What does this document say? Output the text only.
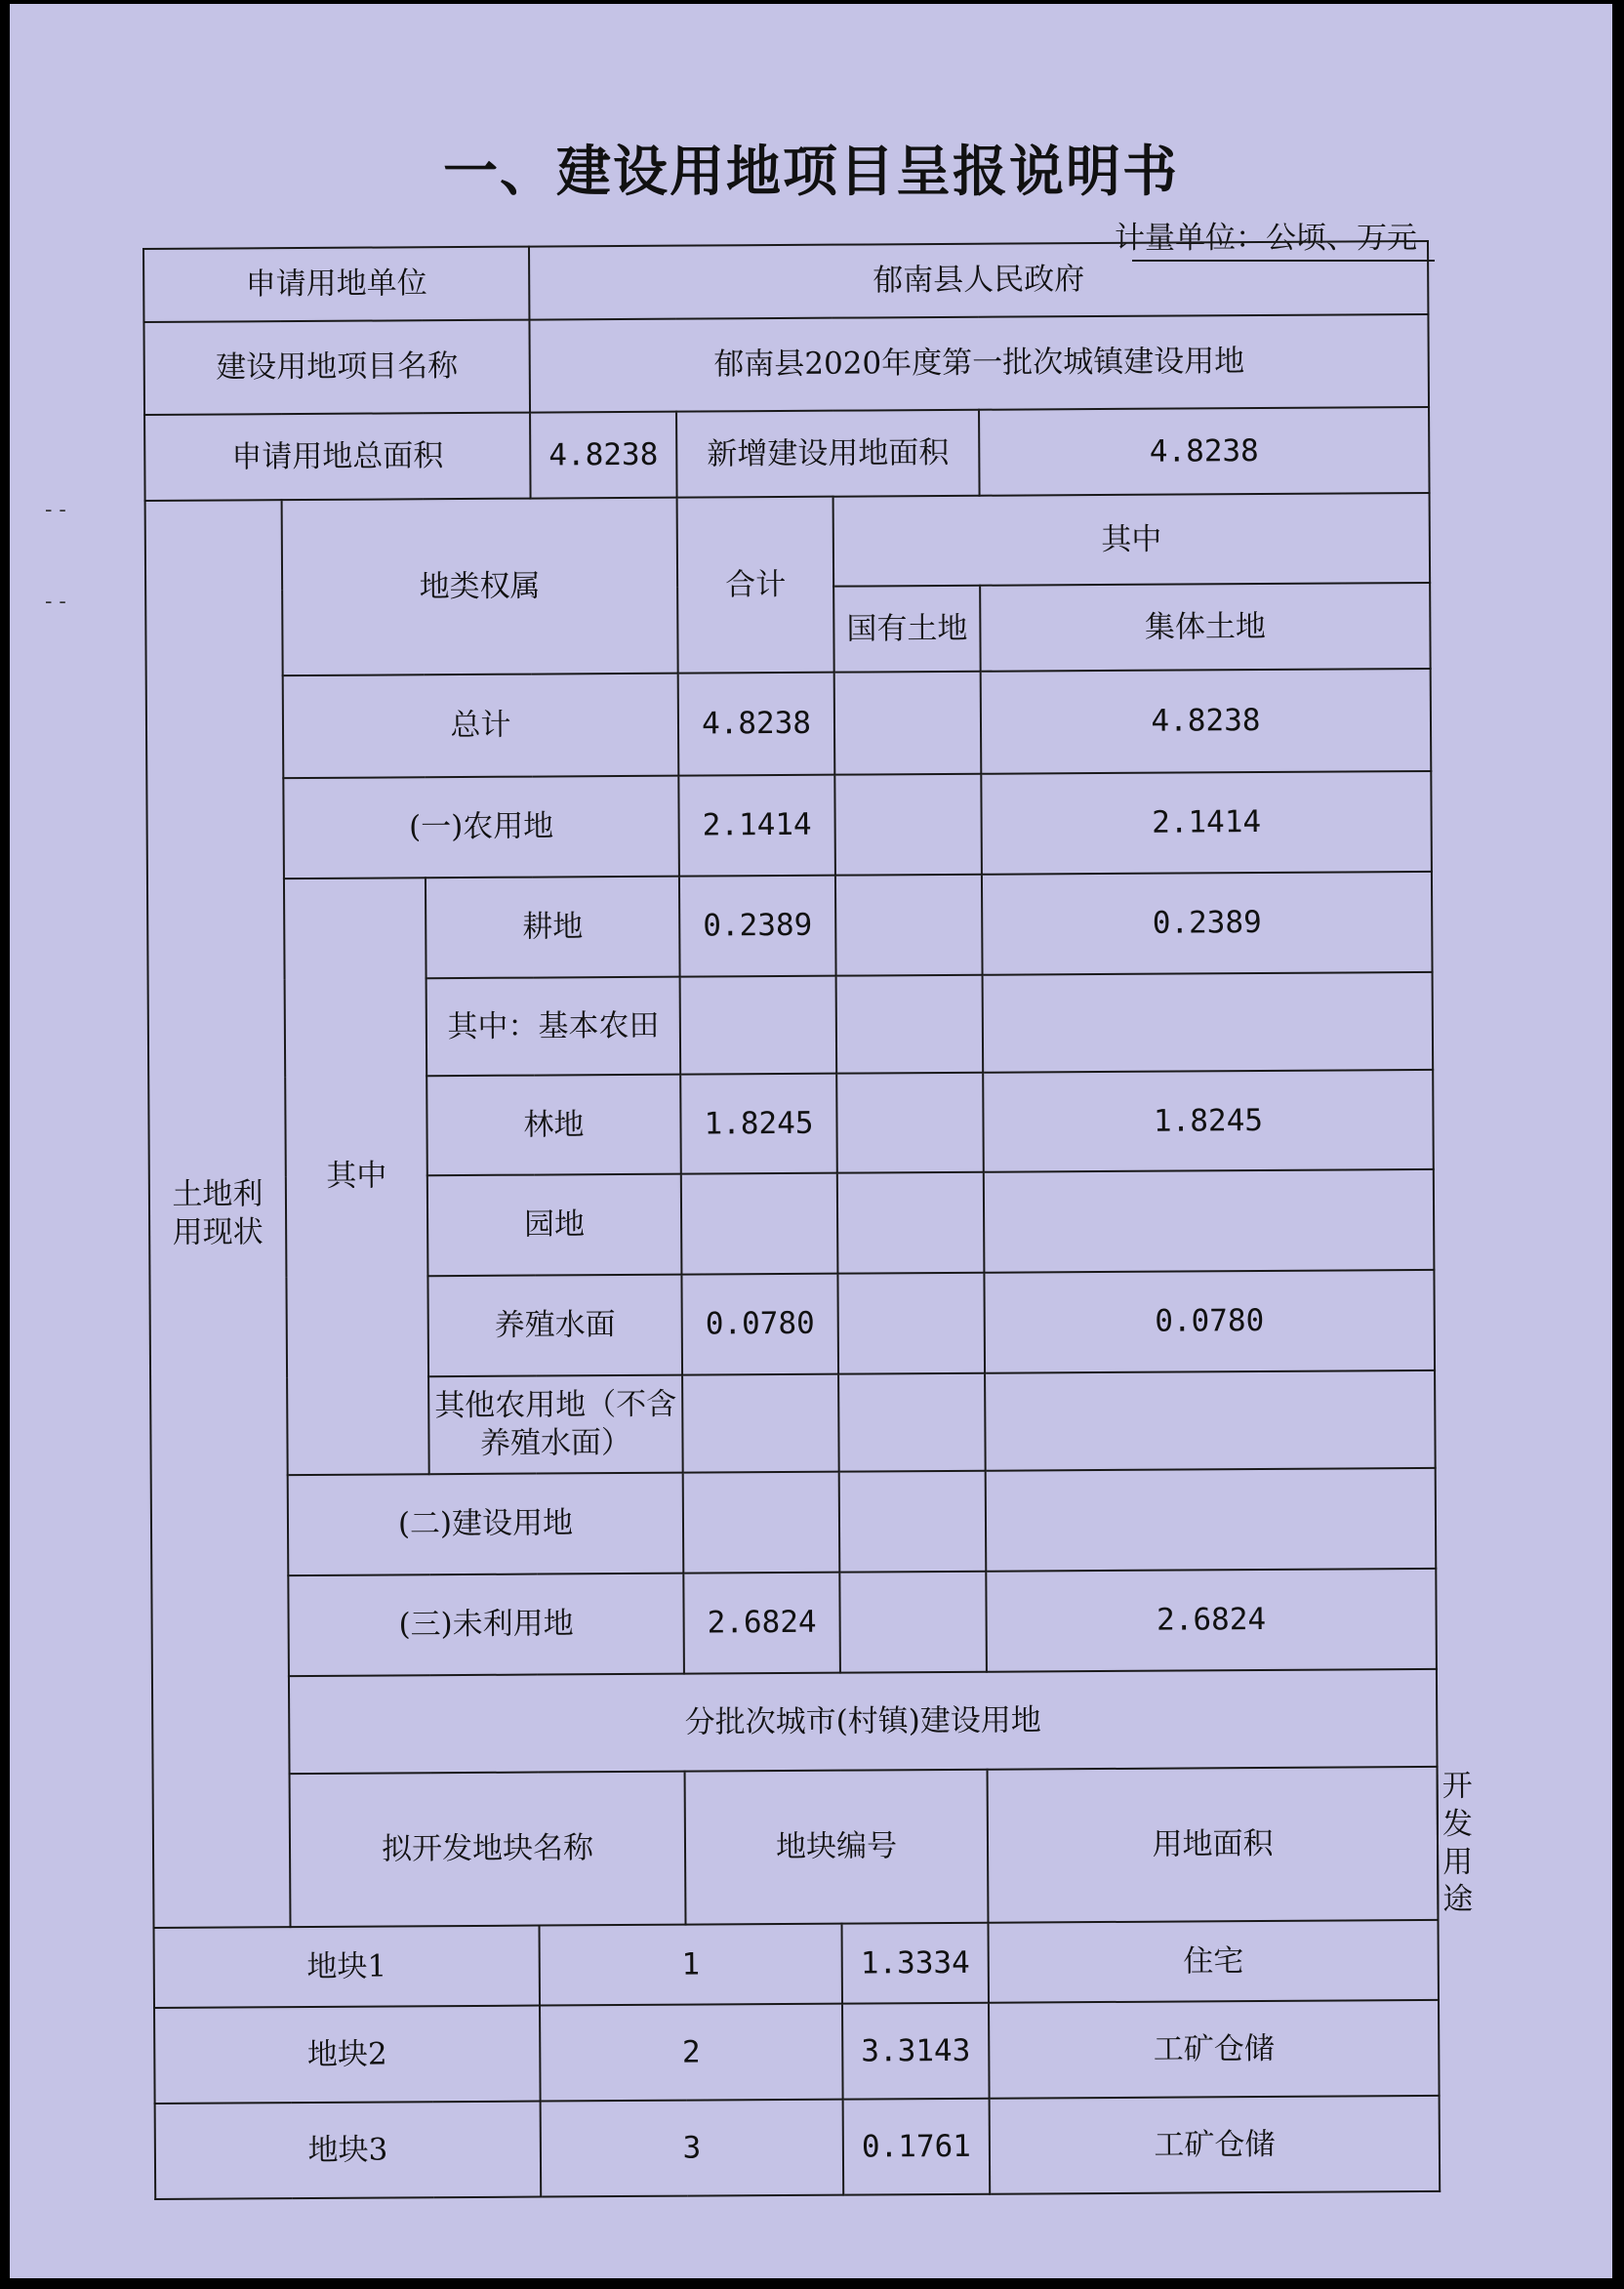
一、建设用地项目呈报说明书
计量单位：公顷、万元
- -
- -
申请用地单位			郁南县人民政府				
建设用地项目名称			郁南县2020年度第一批次城镇建设用地				
申请用地总面积			4.8238	新增建设用地面积		4.8238	
土地利用现状	地类权属			合计	其中		
					国有土地	集体土地	
	总计			4.8238		4.8238	
	(一)农用地			2.1414		2.1414	
	其中	耕地		0.2389		0.2389	
		其中：基本农田					
		林地		1.8245		1.8245	
		园地					
		养殖水面		0.0780		0.0780	
		其他农用地（不含养殖水面）					
	(二)建设用地						
	(三)未利用地			2.6824		2.6824	
	分批次城市(村镇)建设用地						
	拟开发地块名称			地块编号		用地面积	开发用途
地块1			1		1.3334	住宅	
地块2			2		3.3143	工矿仓储	
地块3			3		0.1761	工矿仓储	
